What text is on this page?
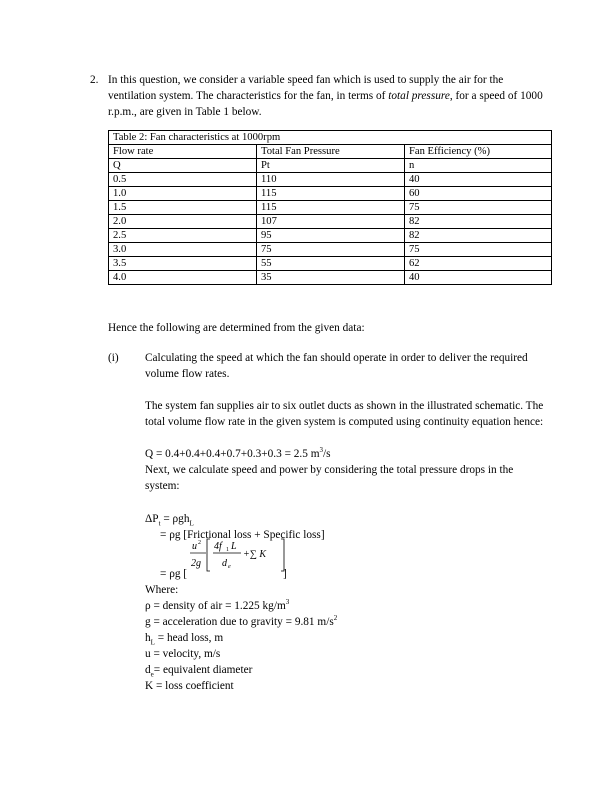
2. In this question, we consider a variable speed fan which is used to supply the air for the ventilation system. The characteristics for the fan, in terms of total pressure, for a speed of 1000 r.p.m., are given in Table 1 below.
Table 2: Fan characteristics at 1000rpm		
Flow rate	Total Fan Pressure	Fan Efficiency (%)
Q	Pt	n
0.5	110	40
1.0	115	60
1.5	115	75
2.0	107	82
2.5	95	82
3.0	75	75
3.5	55	62
4.0	35	40
Hence the following are determined from the given data:
(i) Calculating the speed at which the fan should operate in order to deliver the required volume flow rates.
The system fan supplies air to six outlet ducts as shown in the illustrated schematic. The total volume flow rate in the given system is computed using continuity equation hence:
Q = 0.4+0.4+0.4+0.7+0.3+0.3 = 2.5 $m^3/s$
Next, we calculate speed and power by considering the total pressure drops in the system:
$\Delta P_t = \rho gh_L$
= ρg [Frictional loss + Specific loss]
u 2
2g
4f 1 L
d e
+∑ K
= ρg [	]
Where:
ρ = density of air = 1.225 $kg/m^3$
g = acceleration due to gravity = 9.81 $m/s^2$
$h_L$ = head loss, m
u = velocity, m/s
$d_e=$ equivalent diameter
K = loss coefficient
